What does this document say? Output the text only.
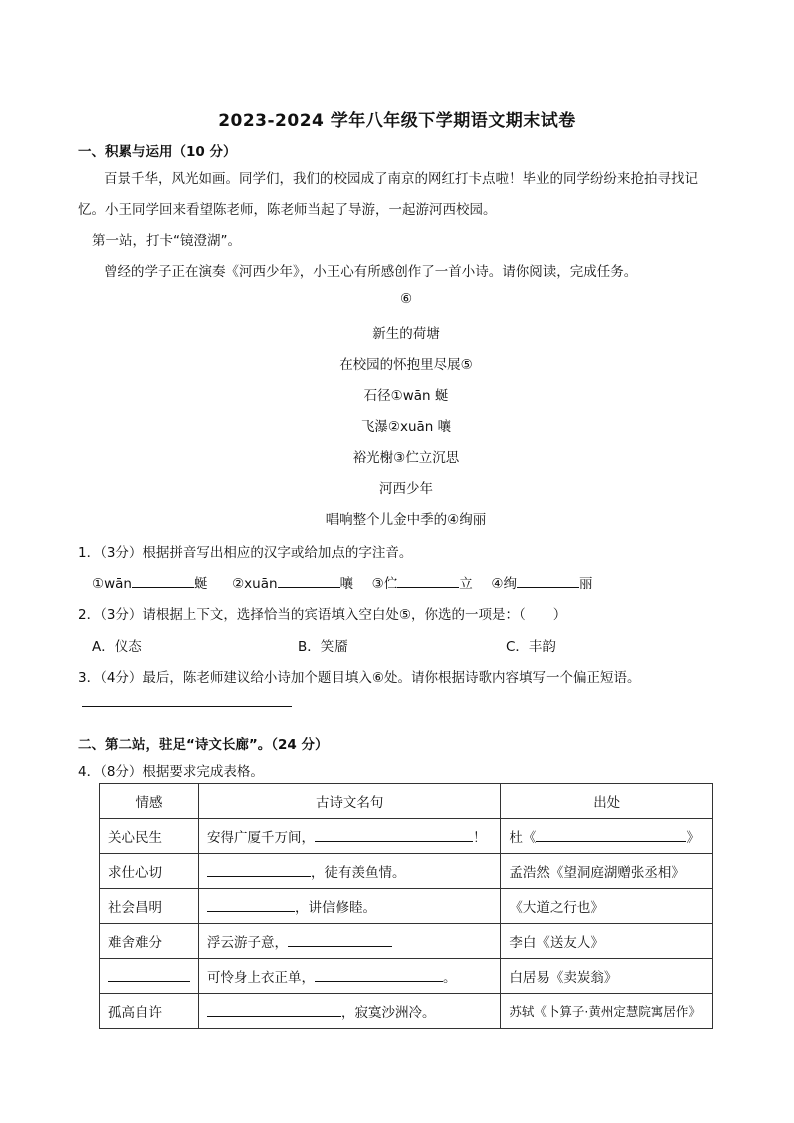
2023-2024 学年八年级下学期语文期末试卷
一、积累与运用（10 分）
百景千华，风光如画。同学们，我们的校园成了南京的网红打卡点啦！毕业的同学纷纷来抢拍寻找记
忆。小王同学回来看望陈老师，陈老师当起了导游，一起游河西校园。
第一站，打卡“镜澄湖”。
曾经的学子正在演奏《河西少年》，小王心有所感创作了一首小诗。请你阅读，完成任务。
⑥
新生的荷塘
在校园的怀抱里尽展⑤
石径①wān 蜒
飞瀑②xuān 嚷
裕光榭③伫立沉思
河西少年
唱响整个儿金中季的④绚丽
1．（3分）根据拼音写出相应的汉字或给加点的字注音。
①wān	蜒 ②xuān	嚷 ③伫	立 ④绚	丽
2．（3分）请根据上下文，选择恰当的宾语填入空白处⑤，你选的一项是：（　　）
A．仪态	B．笑靥	C．丰韵
3．（4分）最后，陈老师建议给小诗加个题目填入⑥处。请你根据诗歌内容填写一个偏正短语。
二、第二站，驻足“诗文长廊”。（24 分）
4．（8分）根据要求完成表格。
情感	古诗文名句	出处
关心民生	安得广厦千万间， ！	杜《 》
求仕心切	，徒有羡鱼情。	孟浩然《望洞庭湖赠张丞相》
社会昌明	，讲信修睦。	《大道之行也》
难舍难分	浮云游子意，	李白《送友人》
	可怜身上衣正单， 。	白居易《卖炭翁》
孤高自许	，寂寞沙洲冷。	苏轼《卜算子·黄州定慧院寓居作》
